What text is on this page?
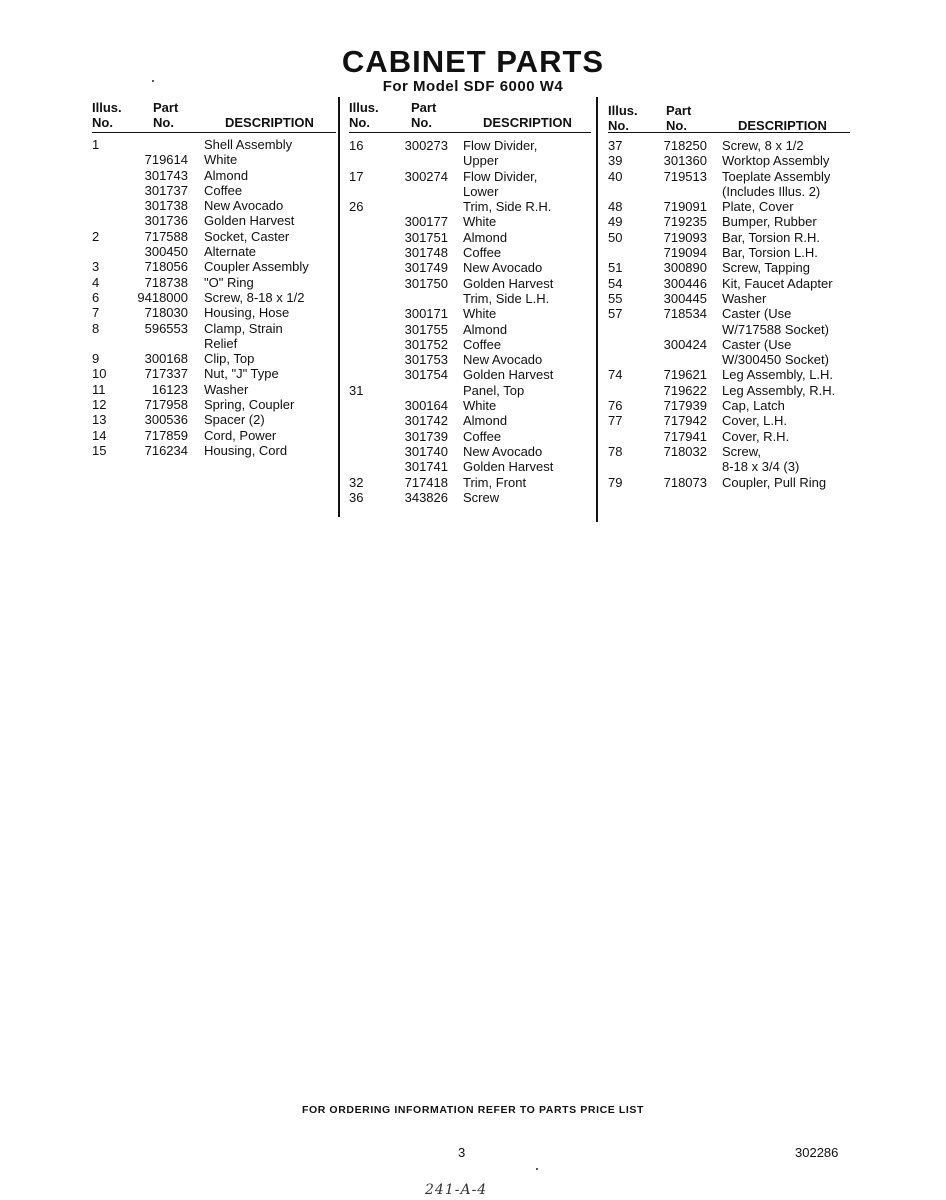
CABINET PARTS
For Model SDF 6000 W4
Illus.
No.
Part
No.	DESCRIPTION
1	Shell Assembly
719614 White
301743 Almond
301737 Coffee
301738 New Avocado
301736 Golden Harvest
2	717588 Socket, Caster
300450 Alternate
3	718056 Coupler Assembly
4	718738 "O" Ring
6	9418000 Screw, 8-18 x 1/2
7	718030 Housing, Hose
8	596553 Clamp, Strain
Relief
9	300168 Clip, Top
10	717337 Nut, "J" Type
11	16123 Washer
12	717958 Spring, Coupler
13	300536 Spacer (2)
14	717859 Cord, Power
15	716234 Housing, Cord
Illus.
No.
Part
No.	DESCRIPTION
16	300273 Flow Divider,
Upper
17	300274 Flow Divider,
Lower
26	Trim, Side R.H.
300177 White
301751 Almond
301748 Coffee
301749 New Avocado
301750 Golden Harvest
Trim, Side L.H.
300171 White
301755 Almond
301752 Coffee
301753 New Avocado
301754 Golden Harvest
31	Panel, Top
300164 White
301742 Almond
301739 Coffee
301740 New Avocado
301741 Golden Harvest
32	717418 Trim, Front
36	343826 Screw
Illus.
No.
Part
No.	DESCRIPTION
37	718250 Screw, 8 x 1/2
39	301360 Worktop Assembly
40	719513 Toeplate Assembly
(Includes Illus. 2)
48	719091 Plate, Cover
49	719235 Bumper, Rubber
50	719093 Bar, Torsion R.H.
719094 Bar, Torsion L.H.
51	300890 Screw, Tapping
54	300446 Kit, Faucet Adapter
55	300445 Washer
57	718534 Caster (Use
W/717588 Socket)
300424 Caster (Use
W/300450 Socket)
74	719621 Leg Assembly, L.H.
719622 Leg Assembly, R.H.
76	717939 Cap, Latch
77	717942 Cover, L.H.
717941 Cover, R.H.
78	718032 Screw,
8-18 x 3/4 (3)
79	718073 Coupler, Pull Ring
FOR ORDERING INFORMATION REFER TO PARTS PRICE LIST
3	302286
241-A-4
